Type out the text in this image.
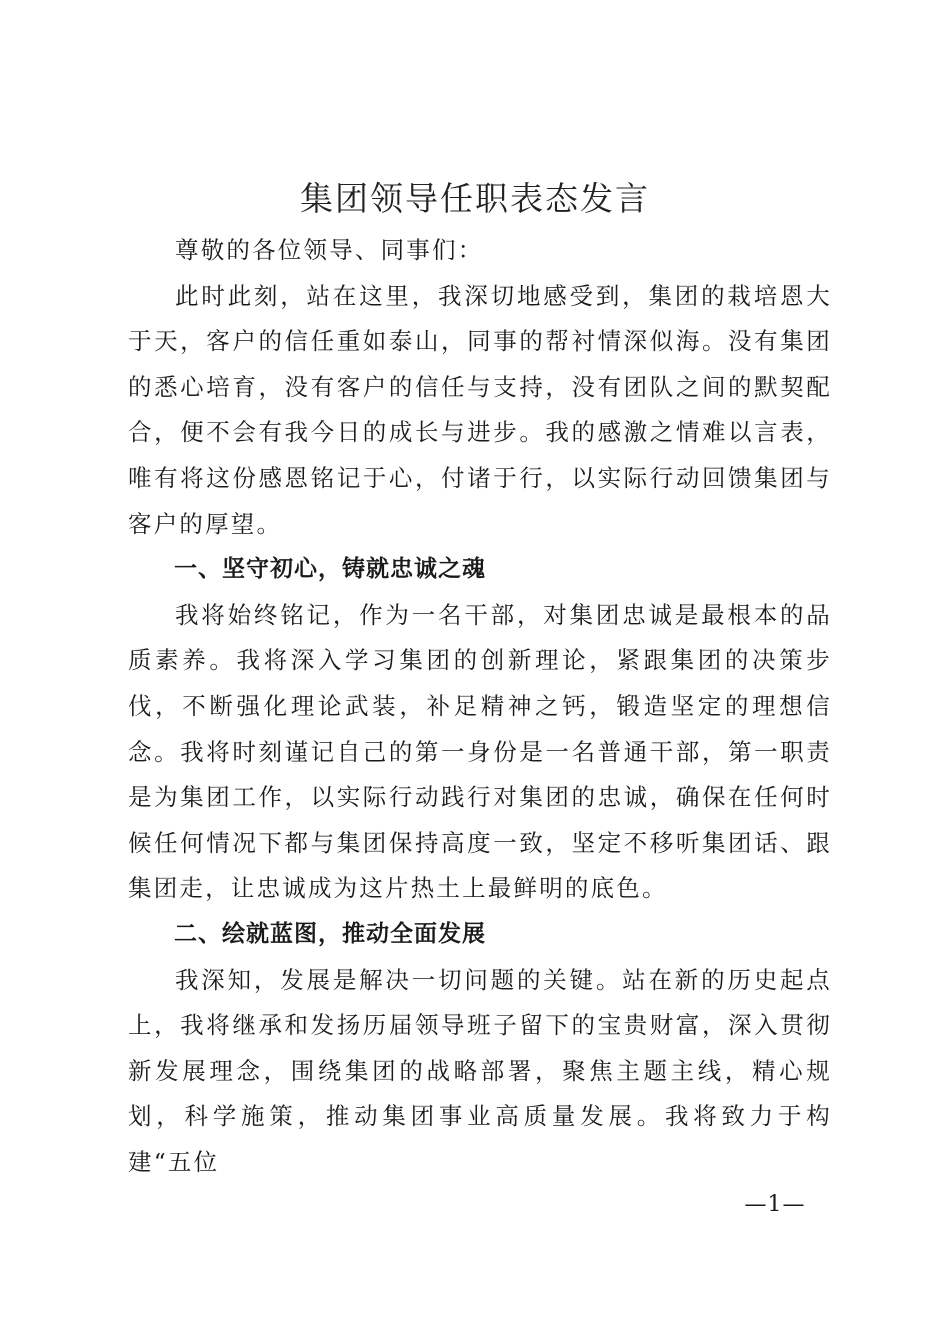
集团领导任职表态发言

尊敬的各位领导、同事们：

此时此刻，站在这里，我深切地感受到，集团的栽培恩大于天，客户的信任重如泰山，同事的帮衬情深似海。没有集团的悉心培育，没有客户的信任与支持，没有团队之间的默契配合，便不会有我今日的成长与进步。我的感激之情难以言表，唯有将这份感恩铭记于心，付诸于行，以实际行动回馈集团与客户的厚望。

一、坚守初心，铸就忠诚之魂

我将始终铭记，作为一名干部，对集团忠诚是最根本的品质素养。我将深入学习集团的创新理论，紧跟集团的决策步伐，不断强化理论武装，补足精神之钙，锻造坚定的理想信念。我将时刻谨记自己的第一身份是一名普通干部，第一职责是为集团工作，以实际行动践行对集团的忠诚，确保在任何时候任何情况下都与集团保持高度一致，坚定不移听集团话、跟集团走，让忠诚成为这片热土上最鲜明的底色。

二、绘就蓝图，推动全面发展

我深知，发展是解决一切问题的关键。站在新的历史起点上，我将继承和发扬历届领导班子留下的宝贵财富，深入贯彻新发展理念，围绕集团的战略部署，聚焦主题主线，精心规划，科学施策，推动集团事业高质量发展。我将致力于构建“五位

—1—
